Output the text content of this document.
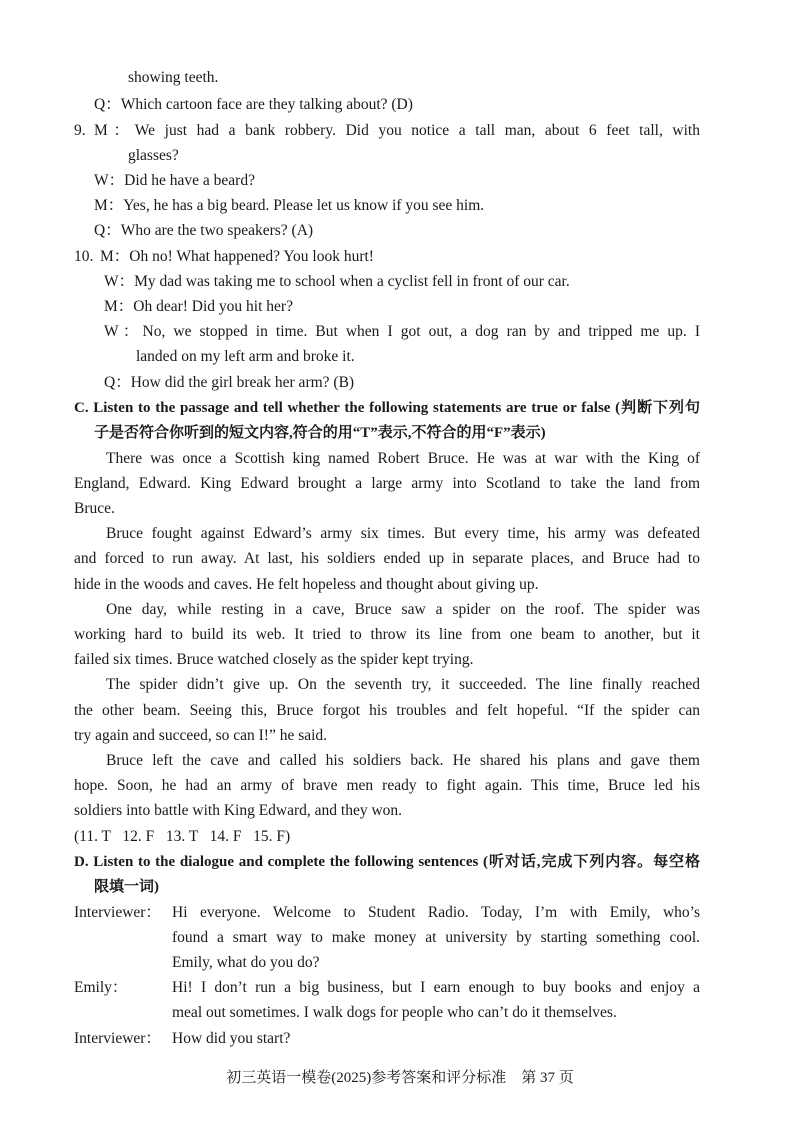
showing teeth.
Q：Which cartoon face are they talking about? (D)
9. M：We just had a bank robbery. Did you notice a tall man, about 6 feet tall, with
glasses?
W：Did he have a beard?
M：Yes, he has a big beard. Please let us know if you see him.
Q：Who are the two speakers? (A)
10. M：Oh no! What happened? You look hurt!
W：My dad was taking me to school when a cyclist fell in front of our car.
M：Oh dear! Did you hit her?
W：No, we stopped in time. But when I got out, a dog ran by and tripped me up. I
landed on my left arm and broke it.
Q：How did the girl break her arm? (B)
C. Listen to the passage and tell whether the following statements are true or false (判断下列句
子是否符合你听到的短文内容,符合的用“T”表示,不符合的用“F”表示)
There was once a Scottish king named Robert Bruce. He was at war with the King of
England, Edward. King Edward brought a large army into Scotland to take the land from
Bruce.
Bruce fought against Edward’s army six times. But every time, his army was defeated
and forced to run away. At last, his soldiers ended up in separate places, and Bruce had to
hide in the woods and caves. He felt hopeless and thought about giving up.
One day, while resting in a cave, Bruce saw a spider on the roof. The spider was
working hard to build its web. It tried to throw its line from one beam to another, but it
failed six times. Bruce watched closely as the spider kept trying.
The spider didn’t give up. On the seventh try, it succeeded. The line finally reached
the other beam. Seeing this, Bruce forgot his troubles and felt hopeful. “If the spider can
try again and succeed, so can I!” he said.
Bruce left the cave and called his soldiers back. He shared his plans and gave them
hope. Soon, he had an army of brave men ready to fight again. This time, Bruce led his
soldiers into battle with King Edward, and they won.
(11. T   12. F   13. T   14. F   15. F)
D. Listen to the dialogue and complete the following sentences (听对话,完成下列内容。每空格
限填一词)
Interviewer： Hi everyone. Welcome to Student Radio. Today, I’m with Emily, who’s
found a smart way to make money at university by starting something cool.
Emily, what do you do?
Emily：	Hi! I don’t run a big business, but I earn enough to buy books and enjoy a
meal out sometimes. I walk dogs for people who can’t do it themselves.
Interviewer： How did you start?
初三英语一模卷(2025)参考答案和评分标准　第 37 页
